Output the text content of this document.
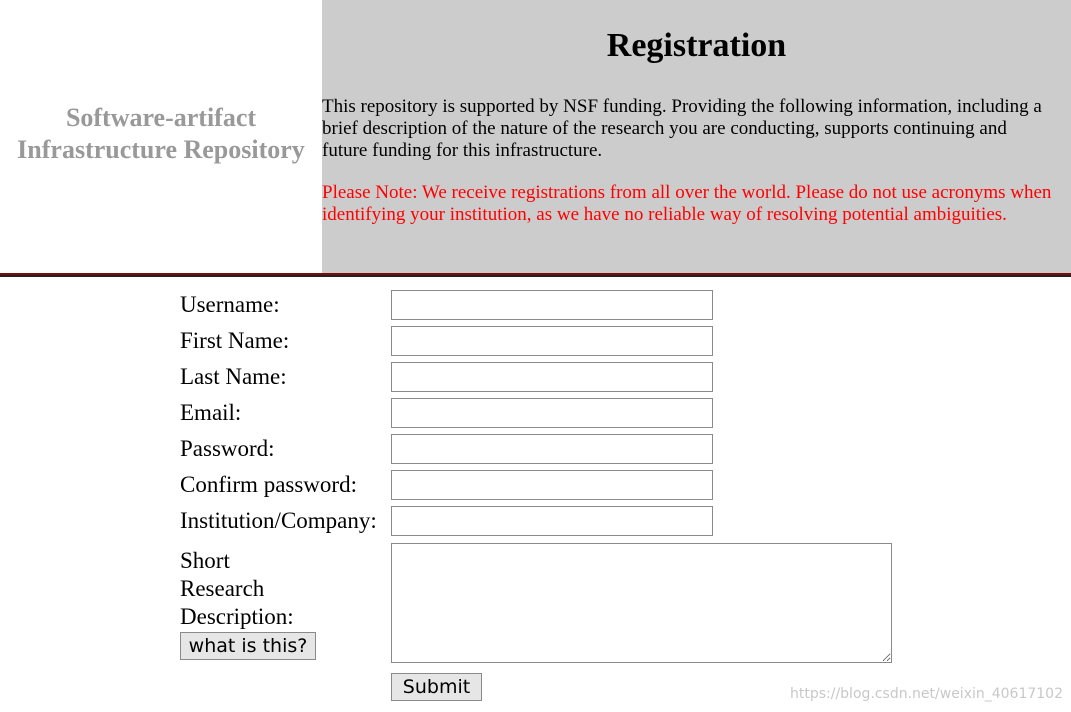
Software-artifact
Infrastructure Repository
Registration

This repository is supported by NSF funding. Providing the following information, including a
brief description of the nature of the research you are conducting, supports continuing and
future funding for this infrastructure.

Please Note: We receive registrations from all over the world. Please do not use acronyms when
identifying your institution, as we have no reliable way of resolving potential ambiguities.

Username:
First Name:
Last Name:
Email:
Password:
Confirm password:
Institution/Company:
Short
Research
Description:
what is this?
Submit	https://blog.csdn.net/weixin_40617102
